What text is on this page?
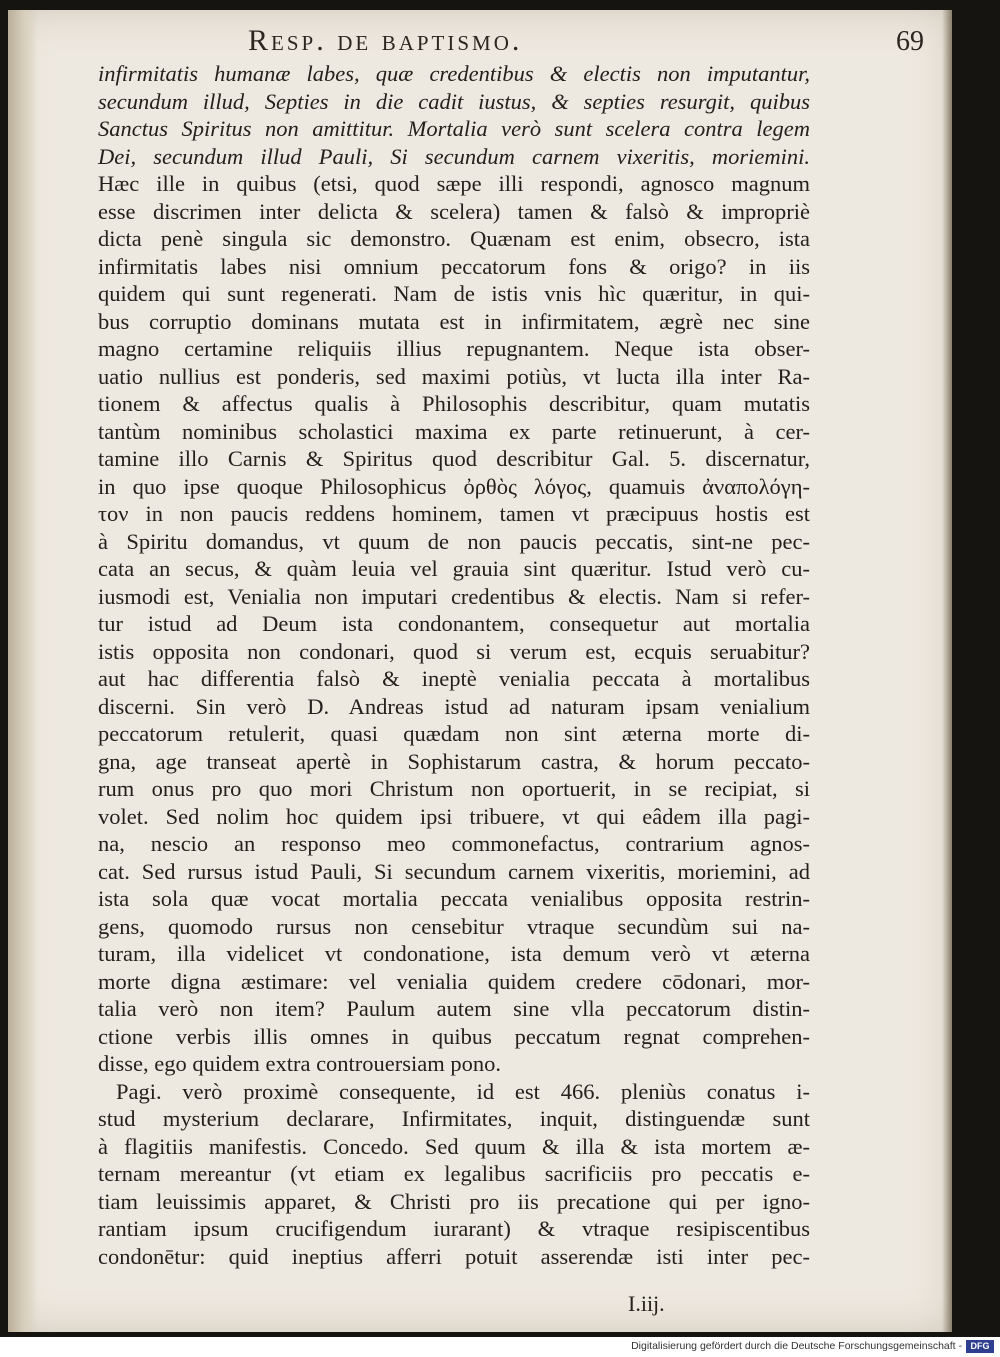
Resp. de baptismo.	69
infirmitatis humanæ labes, quæ credentibus & electis non imputantur,
secundum illud, Septies in die cadit iustus, & septies resurgit, quibus
Sanctus Spiritus non amittitur. Mortalia verò sunt scelera contra legem
Dei, secundum illud Pauli, Si secundum carnem vixeritis, moriemini.
Hæc ille in quibus (etsi, quod sæpe illi respondi, agnosco magnum
esse discrimen inter delicta & scelera) tamen & falsò & impropriè
dicta penè singula sic demonstro. Quænam est enim, obsecro, ista
infirmitatis labes nisi omnium peccatorum fons & origo? in iis
quidem qui sunt regenerati. Nam de istis vnis hìc quæritur, in qui-
bus corruptio dominans mutata est in infirmitatem, ægrè nec sine
magno certamine reliquiis illius repugnantem. Neque ista obser-
uatio nullius est ponderis, sed maximi potiùs, vt lucta illa inter Ra-
tionem & affectus qualis à Philosophis describitur, quam mutatis
tantùm nominibus scholastici maxima ex parte retinuerunt, à cer-
tamine illo Carnis & Spiritus quod describitur Gal. 5. discernatur,
in quo ipse quoque Philosophicus ὀρθὸς λόγος, quamuis ἀναπολόγη-
τον in non paucis reddens hominem, tamen vt præcipuus hostis est
à Spiritu domandus, vt quum de non paucis peccatis, sint-ne pec-
cata an secus, & quàm leuia vel grauia sint quæritur. Istud verò cu-
iusmodi est, Venialia non imputari credentibus & electis. Nam si refer-
tur istud ad Deum ista condonantem, consequetur aut mortalia
istis opposita non condonari, quod si verum est, ecquis seruabitur?
aut hac differentia falsò & ineptè venialia peccata à mortalibus
discerni. Sin verò D. Andreas istud ad naturam ipsam venialium
peccatorum retulerit, quasi quædam non sint æterna morte di-
gna, age transeat apertè in Sophistarum castra, & horum peccato-
rum onus pro quo mori Christum non oportuerit, in se recipiat, si
volet. Sed nolim hoc quidem ipsi tribuere, vt qui eâdem illa pagi-
na, nescio an responso meo commonefactus, contrarium agnos-
cat. Sed rursus istud Pauli, Si secundum carnem vixeritis, moriemini, ad
ista sola quæ vocat mortalia peccata venialibus opposita restrin-
gens, quomodo rursus non censebitur vtraque secundùm sui na-
turam, illa videlicet vt condonatione, ista demum verò vt æterna
morte digna æstimare: vel venialia quidem credere cōdonari, mor-
talia verò non item? Paulum autem sine vlla peccatorum distin-
ctione verbis illis omnes in quibus peccatum regnat comprehen-
disse, ego quidem extra controuersiam pono.
Pagi. verò proximè consequente, id est 466. pleniùs conatus i-
stud mysterium declarare, Infirmitates, inquit, distinguendæ sunt
à flagitiis manifestis. Concedo. Sed quum & illa & ista mortem æ-
ternam mereantur (vt etiam ex legalibus sacrificiis pro peccatis e-
tiam leuissimis apparet, & Christi pro iis precatione qui per igno-
rantiam ipsum crucifigendum iurarant) & vtraque resipiscentibus
condonētur: quid ineptius afferri potuit asserendæ isti inter pec-
I.iij.
Digitalisierung gefördert durch die Deutsche Forschungsgemeinschaft - DFG
